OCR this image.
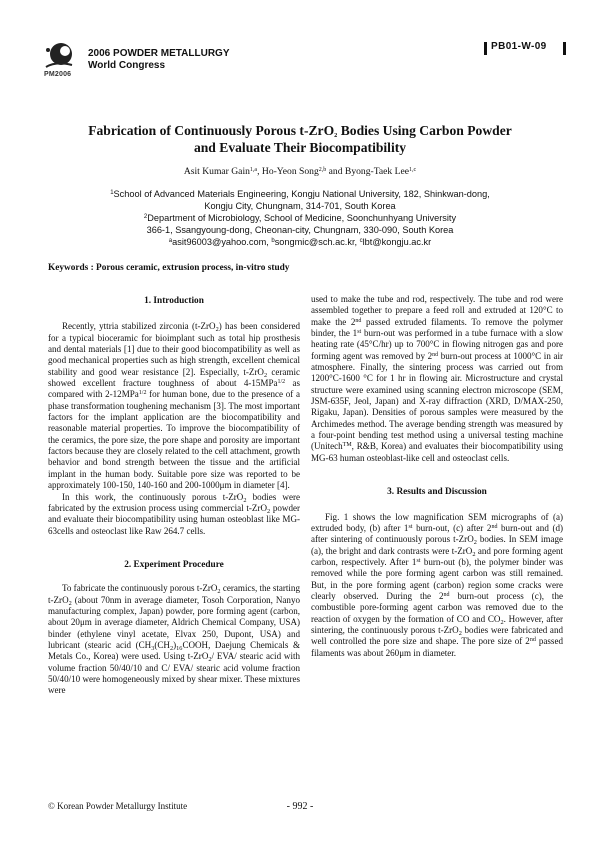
PM2006
2006 POWDER METALLURGY
World Congress
PB01-W-09
Fabrication of Continuously Porous t-ZrO$_2$ Bodies Using Carbon Powder
and Evaluate Their Biocompatibility
Asit Kumar Gain$^{1,a}$, Ho-Yeon Song$^{2,b}$ and Byong-Taek Lee$^{1,c}$
$^1$School of Advanced Materials Engineering, Kongju National University, 182, Shinkwan-dong,
Kongju City, Chungnam, 314-701, South Korea
$^2$Department of Microbiology, School of Medicine, Soonchunhyang University
366-1, Ssangyoung-dong, Cheonan-city, Chungnam, 330-090, South Korea
$^a$asit96003@yahoo.com, $^b$songmic@sch.ac.kr, $^c$lbt@kongju.ac.kr
Keywords : Porous ceramic, extrusion process, in-vitro study
1. Introduction

Recently, yttria stabilized zirconia (t-ZrO$_2$) has been considered for a typical bioceramic for bioimplant such as total hip prosthesis and dental materials [1] due to their good biocompatibility as well as good mechanical properties such as high strength, excellent chemical stability and good wear resistance [2]. Especially, t-ZrO$_2$ ceramic showed excellent fracture toughness of about 4-15MPa$^{1/2}$ as compared with 2-12MPa$^{1/2}$ for human bone, due to the presence of a phase transformation toughening mechanism [3]. The most important factors for the implant application are the biocompatibility and reasonable material properties. To improve the biocompatibility of the ceramics, the pore size, the pore shape and porosity are important factors because they are closely related to the cell attachment, growth behavior and bond strength between the tissue and the artificial implant in the human body. Suitable pore size was reported to be approximately 100-150, 140-160 and 200-1000μm in diameter [4].

In this work, the continuously porous t-ZrO$_2$ bodies were fabricated by the extrusion process using commercial t-ZrO$_2$ powder and evaluate their biocompatibility using human osteoblast like MG-63cells and osteoclast like Raw 264.7 cells.

2. Experiment Procedure

To fabricate the continuously porous t-ZrO$_2$ ceramics, the starting t-ZrO$_2$ (about 70nm in average diameter, Tosoh Corporation, Nanyo manufacturing complex, Japan) powder, pore forming agent (carbon, about 20μm in average diameter, Aldrich Chemical Company, USA) binder (ethylene vinyl acetate, Elvax 250, Dupont, USA) and lubricant (stearic acid ($CH_3(CH_2)_{16}COOH$, Daejung Chemicals & Metals Co., Korea) were used. Using t-ZrO$_2$/ EVA/ stearic acid with volume fraction 50/40/10 and C/ EVA/ stearic acid volume fraction 50/40/10 were homogeneously mixed by shear mixer. These mixtures were

used to make the tube and rod, respectively. The tube and rod were assembled together to prepare a feed roll and extruded at 120°C to make the 2nd passed extruded filaments. To remove the polymer binder, the 1st burn-out was performed in a tube furnace with a slow heating rate (45°C/hr) up to 700°C in flowing nitrogen gas and pore forming agent was removed by 2nd burn-out process at 1000°C in air atmosphere. Finally, the sintering process was carried out from 1200°C-1600 °C for 1 hr in flowing air. Microstructure and crystal structure were examined using scanning electron microscope (SEM, JSM-635F, Jeol, Japan) and X-ray diffraction (XRD, D/MAX-250, Rigaku, Japan). Densities of porous samples were measured by the Archimedes method. The average bending strength was measured by a four-point bending test method using a universal testing machine (Unitech™, R&B, Korea) and evaluates their biocompatibility using MG-63 human osteoblast-like cell and osteoclast cells.

3. Results and Discussion

Fig. 1 shows the low magnification SEM micrographs of (a) extruded body, (b) after 1st burn-out, (c) after 2nd burn-out and (d) after sintering of continuously porous t-ZrO$_2$ bodies. In SEM image (a), the bright and dark contrasts were t-ZrO$_2$ and pore forming agent carbon, respectively. After 1st burn-out (b), the polymer binder was removed while the pore forming agent carbon was still remained. But, in the pore forming agent (carbon) region some cracks were clearly observed. During the 2nd burn-out process (c), the combustible pore-forming agent carbon was removed due to the reaction of oxygen by the formation of CO and $CO_2$. However, after sintering, the continuously porous t-ZrO$_2$ bodies were fabricated and well controlled the pore size and shape. The pore size of 2nd passed filaments was about 260μm in diameter.

© Korean Powder Metallurgy Institute	- 992 -
